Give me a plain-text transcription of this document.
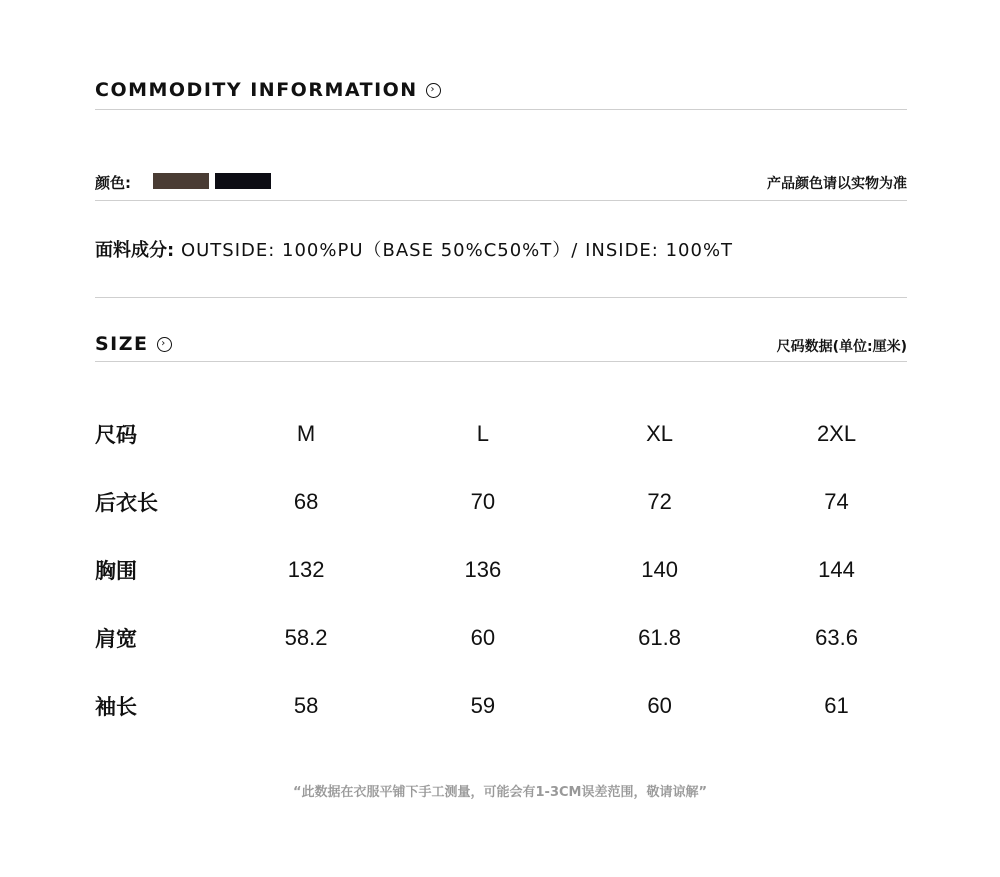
COMMODITY INFORMATION	›
颜色:	产品颜色请以实物为准
面料成分: OUTSIDE: 100%PU（BASE 50%C50%T）/ INSIDE: 100%T
SIZE	›	尺码数据(单位:厘米)
尺码	M	L	XL	2XL
后衣长	68	70	72	74
胸围	132	136	140	144
肩宽	58.2	60	61.8	63.6
袖长	58	59	60	61
“此数据在衣服平铺下手工测量，可能会有1-3CM误差范围，敬请谅解”
